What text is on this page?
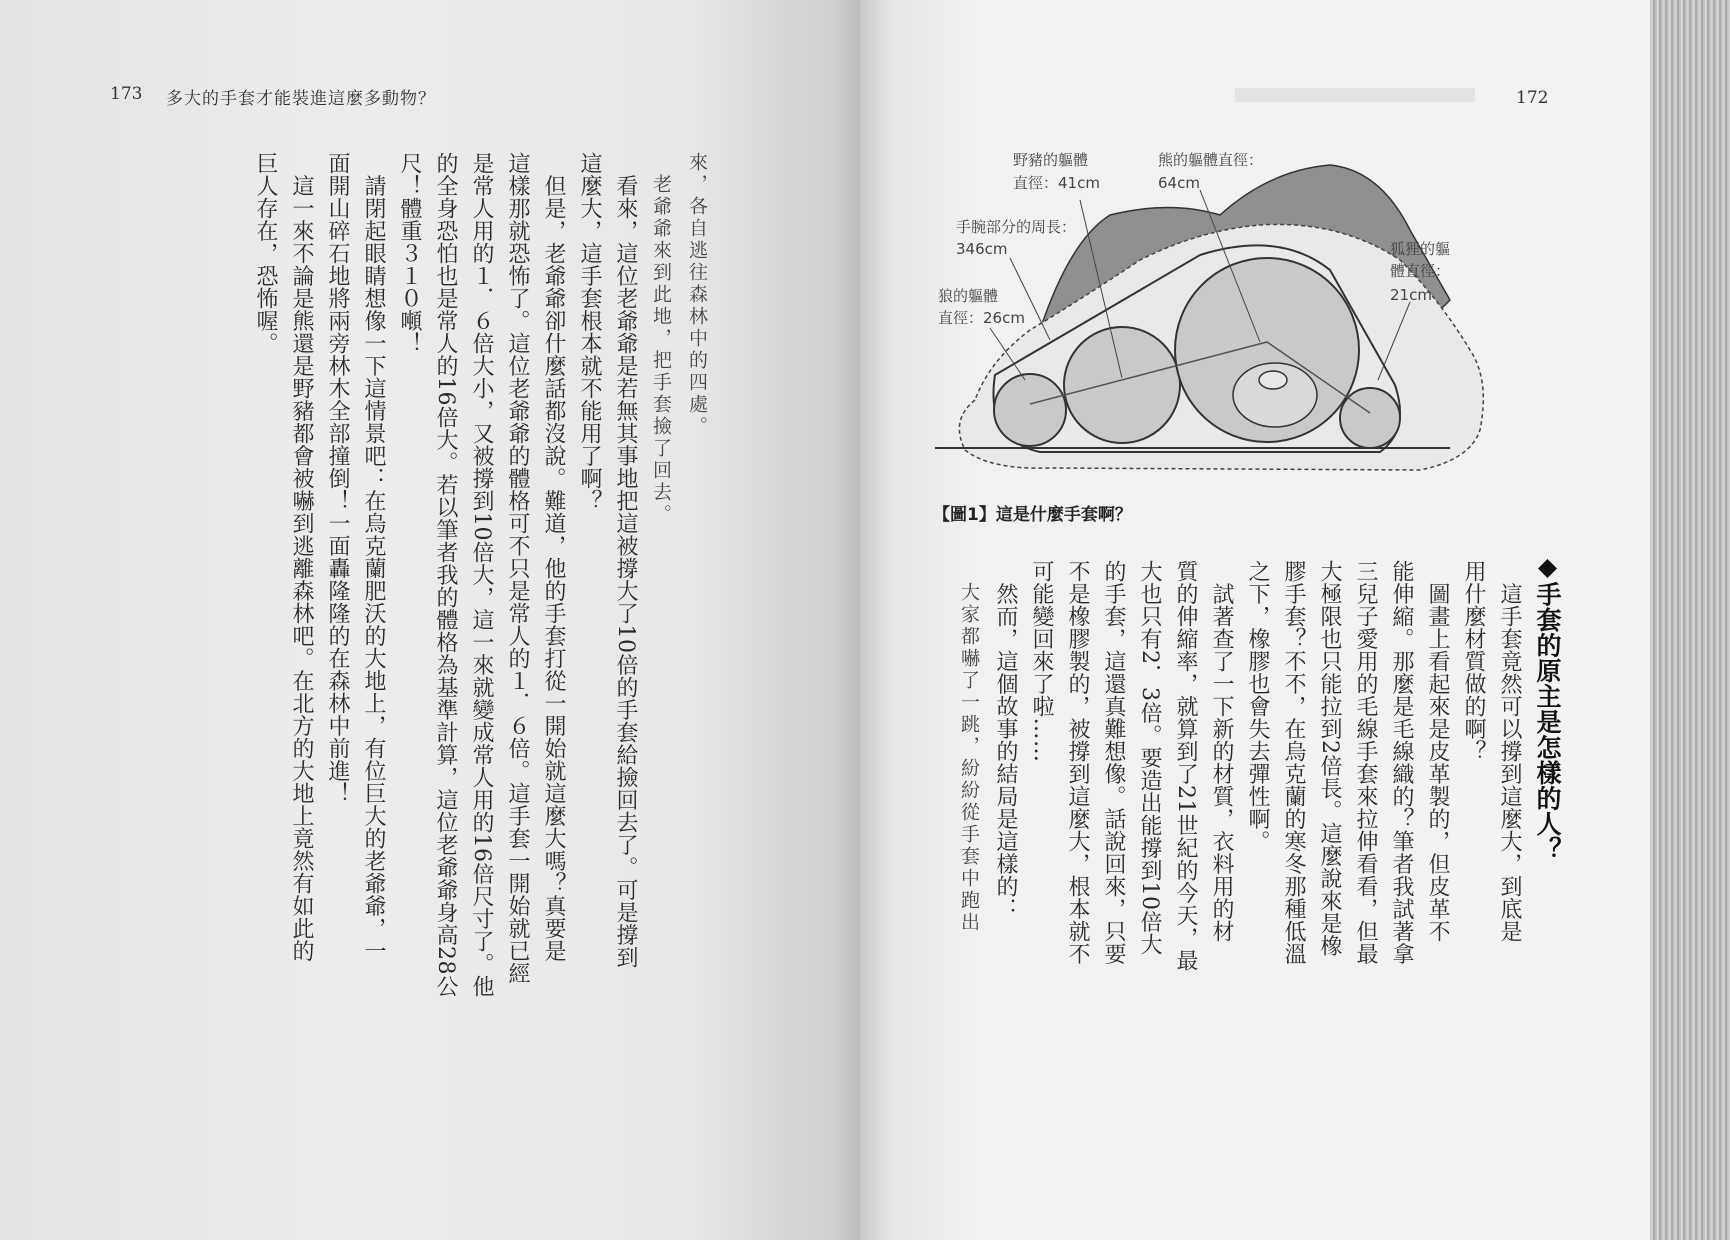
173 多大的手套才能裝進這麼多動物？

來，各自逃往森林中的四處。

　老爺爺來到此地，把手套撿了回去。

　看來，這位老爺爺是若無其事地把這被撐大了10倍的手套給撿回去了。可是撐到

這麼大，這手套根本就不能用了啊？

　但是，老爺爺卻什麼話都沒說。難道，他的手套打從一開始就這麼大嗎？真要是

這樣那就恐怖了。這位老爺爺的體格可不只是常人的１．６倍。這手套一開始就已經

是常人用的１．６倍大小，又被撐到10倍大，這一來就變成常人用的16倍尺寸了。他

的全身恐怕也是常人的16倍大。若以筆者我的體格為基準計算，這位老爺爺身高28公

尺！體重３１０噸！

　請閉起眼睛想像一下這情景吧：在烏克蘭肥沃的大地上，有位巨大的老爺爺，一

面開山碎石地將兩旁林木全部撞倒！一面轟隆隆的在森林中前進！

　這一來不論是熊還是野豬都會被嚇到逃離森林吧。在北方的大地上竟然有如此的

巨人存在，恐怖喔。

172
野豬的軀體
直徑：41cm
熊的軀體直徑：
64cm
手腕部分的周長：
346cm	狐狸的軀
體直徑：
21cm
狼的軀體
直徑：26cm
【圖1】這是什麼手套啊？

◆手套的原主是怎樣的人？

　這手套竟然可以撐到這麼大，到底是

用什麼材質做的啊？

　圖畫上看起來是皮革製的，但皮革不

能伸縮。那麼是毛線織的？筆者我試著拿

三兒子愛用的毛線手套來拉伸看看，但最

大極限也只能拉到2倍長。這麼說來是橡

膠手套？不不，在烏克蘭的寒冬那種低溫

之下，橡膠也會失去彈性啊。

　試著查了一下新的材質，衣料用的材

質的伸縮率，就算到了21世紀的今天，最

大也只有2．3倍。要造出能撐到10倍大

的手套，這還真難想像。話說回來，只要

不是橡膠製的，被撐到這麼大，根本就不

可能變回來了啦……

　然而，這個故事的結局是這樣的：

　大家都嚇了一跳，紛紛從手套中跑出
